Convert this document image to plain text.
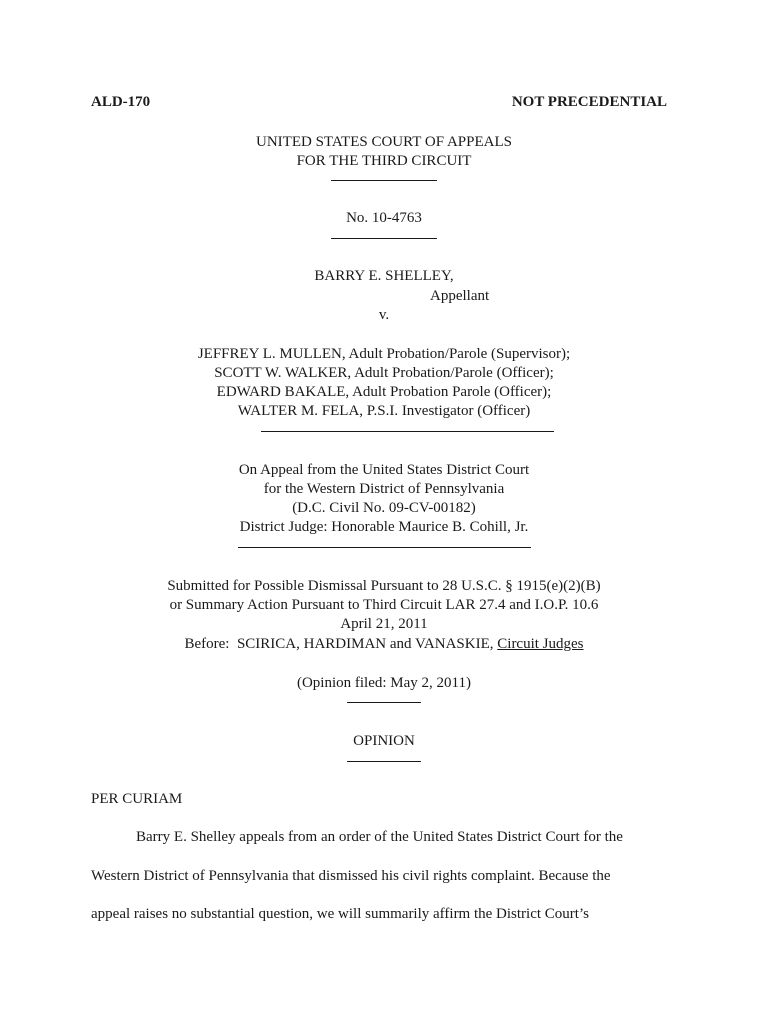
ALD-170	NOT PRECEDENTIAL
UNITED STATES COURT OF APPEALS
FOR THE THIRD CIRCUIT
No. 10-4763
BARRY E. SHELLEY,
Appellant
v.
JEFFREY L. MULLEN, Adult Probation/Parole (Supervisor);
SCOTT W. WALKER, Adult Probation/Parole (Officer);
EDWARD BAKALE, Adult Probation Parole (Officer);
WALTER M. FELA, P.S.I. Investigator (Officer)
On Appeal from the United States District Court
for the Western District of Pennsylvania
(D.C. Civil No. 09-CV-00182)
District Judge: Honorable Maurice B. Cohill, Jr.
Submitted for Possible Dismissal Pursuant to 28 U.S.C. § 1915(e)(2)(B)
or Summary Action Pursuant to Third Circuit LAR 27.4 and I.O.P. 10.6
April 21, 2011
Before:  SCIRICA, HARDIMAN and VANASKIE, Circuit Judges
(Opinion filed: May 2, 2011)
OPINION
PER CURIAM
Barry E. Shelley appeals from an order of the United States District Court for the
Western District of Pennsylvania that dismissed his civil rights complaint. Because the
appeal raises no substantial question, we will summarily affirm the District Court’s
